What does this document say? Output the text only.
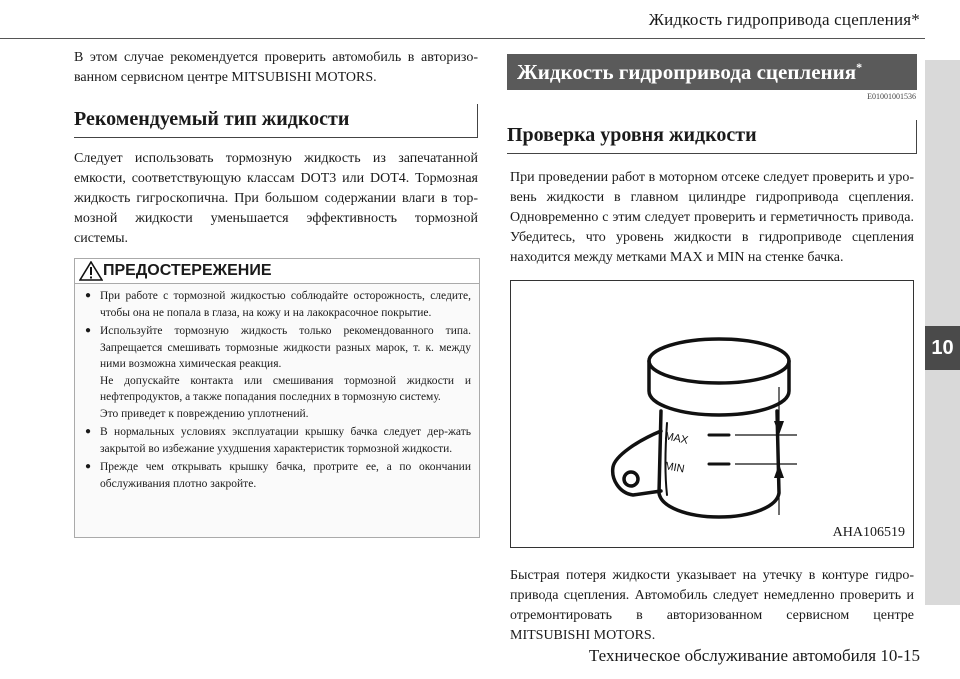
Жидкость гидропривода сцепления*
10
В этом случае рекомендуется проверить автомобиль в авторизо-ванном сервисном центре MITSUBISHI MOTORS.
Рекомендуемый тип жидкости
Следует использовать тормозную жидкость из запечатанной емкости, соответствующую классам DOT3 или DOT4. Тормозная жидкость гигроскопична. При большом содержании влаги в тор-мозной жидкости уменьшается эффективность тормозной системы.
ПРЕДОСТЕРЕЖЕНИЕ
● При работе с тормозной жидкостью соблюдайте осторожность, следите, чтобы она не попала в глаза, на кожу и на лакокрасочное покрытие.
● Используйте тормозную жидкость только рекомендованного типа. Запрещается смешивать тормозные жидкости разных марок, т. к. между ними возможна химическая реакция.
Не допускайте контакта или смешивания тормозной жидкости и нефтепродуктов, а также попадания последних в тормозную систему.
Это приведет к повреждению уплотнений.
● В нормальных условиях эксплуатации крышку бачка следует дер-жать закрытой во избежание ухудшения характеристик тормозной жидкости.
● Прежде чем открывать крышку бачка, протрите ее, а по окончании обслуживания плотно закройте.
Жидкость гидропривода сцепления*
E01001001536
Проверка уровня жидкости
При проведении работ в моторном отсеке следует проверить и уро-вень жидкости в главном цилиндре гидропривода сцепления. Одновременно с этим следует проверить и герметичность привода. Убедитесь, что уровень жидкости в гидроприводе сцепления находится между метками MAX и MIN на стенке бачка.
MAX
MIN
AHA106519
Быстрая потеря жидкости указывает на утечку в контуре гидро-привода сцепления. Автомобиль следует немедленно проверить и отремонтировать в авторизованном сервисном центре MITSUBISHI MOTORS.
Техническое обслуживание автомобиля 10-15
